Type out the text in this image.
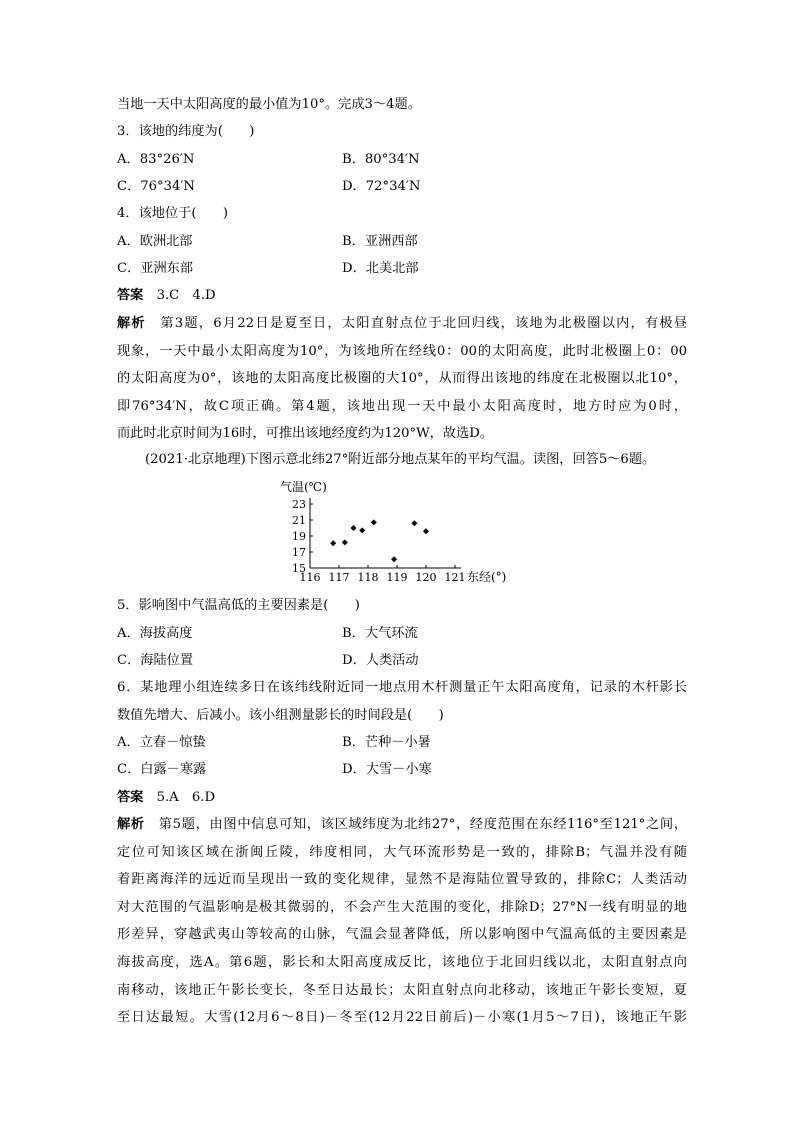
当地一天中太阳高度的最小值为10°。完成3～4题。
3．该地的纬度为(　　)
A．83°26′N	B．80°34′N
C．76°34′N	D．72°34′N
4．该地位于(　　)
A．欧洲北部	B．亚洲西部
C．亚洲东部	D．北美北部
答案　 3.C　4.D
解析　 第3题，6月22日是夏至日，太阳直射点位于北回归线，该地为北极圈以内，有极昼
现象，一天中最小太阳高度为10°，为该地所在经线0：00的太阳高度，此时北极圈上0：00
的太阳高度为0°，该地的太阳高度比极圈的大10°，从而得出该地的纬度在北极圈以北10°，
即76°34′N，故C项正确。第4题，该地出现一天中最小太阳高度时，地方时应为0时，
而此时北京时间为16时，可推出该地经度约为120°W，故选D。
(2021·北京地理)下图示意北纬27°附近部分地点某年的平均气温。读图，回答5～6题。
15
17
19
21
23
116 117 118 119 120 121
气温(℃)
东经(°)
5．影响图中气温高低的主要因素是(　　)
A．海拔高度	B．大气环流
C．海陆位置	D．人类活动
6．某地理小组连续多日在该纬线附近同一地点用木杆测量正午太阳高度角，记录的木杆影长
数值先增大、后减小。该小组测量影长的时间段是(　　)
A．立春－惊蛰	B．芒种－小暑
C．白露－寒露	D．大雪－小寒
答案　 5.A　6.D
解析　 第5题，由图中信息可知，该区域纬度为北纬27°，经度范围在东经116°至121°之间，
定位可知该区域在浙闽丘陵，纬度相同，大气环流形势是一致的，排除B；气温并没有随
着距离海洋的远近而呈现出一致的变化规律，显然不是海陆位置导致的，排除C；人类活动
对大范围的气温影响是极其微弱的，不会产生大范围的变化，排除D；27°N一线有明显的地
形差异，穿越武夷山等较高的山脉，气温会显著降低，所以影响图中气温高低的主要因素是
海拔高度，选A。第6题，影长和太阳高度成反比，该地位于北回归线以北，太阳直射点向
南移动，该地正午影长变长，冬至日达最长；太阳直射点向北移动，该地正午影长变短，夏
至日达最短。大雪(12月6～8日)－冬至(12月22日前后)－小寒(1月5～7日)，该地正午影
